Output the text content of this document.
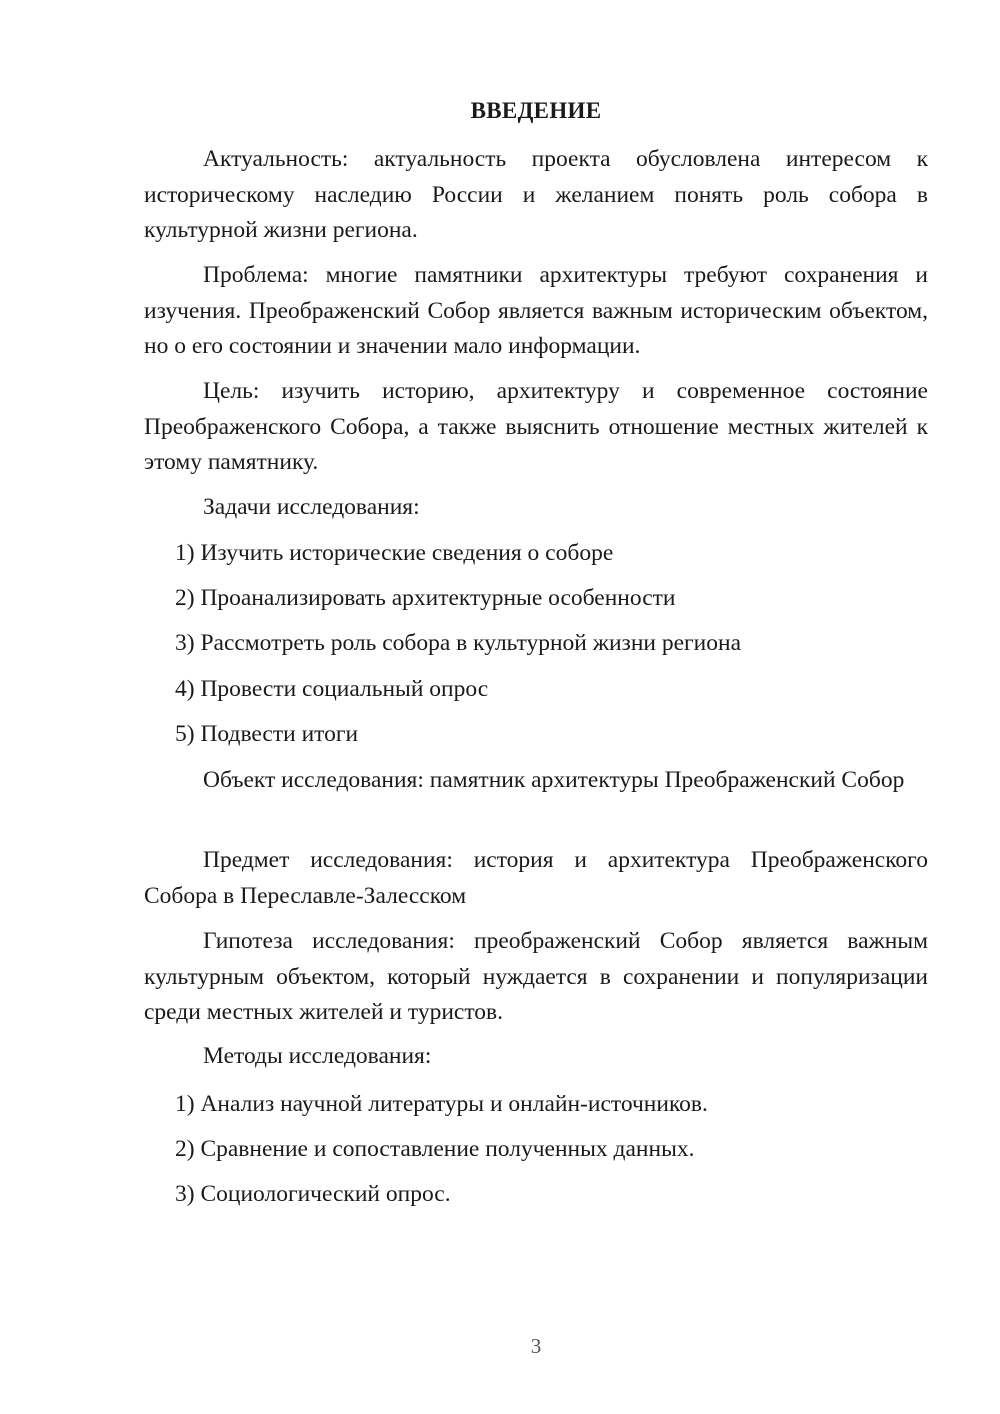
ВВЕДЕНИЕ

Актуальность: актуальность проекта обусловлена интересом к историческому наследию России и желанием понять роль собора в культурной жизни региона.

Проблема: многие памятники архитектуры требуют сохранения и изучения. Преображенский Собор является важным историческим объектом, но о его состоянии и значении мало информации.

Цель: изучить историю, архитектуру и современное состояние Преображенского Собора, а также выяснить отношение местных жителей к этому памятнику.

Задачи исследования:

1) Изучить исторические сведения о соборе

2) Проанализировать архитектурные особенности

3) Рассмотреть роль собора в культурной жизни региона

4) Провести социальный опрос

5) Подвести итоги

Объект исследования: памятник архитектуры Преображенский Собор

Предмет исследования: история и архитектура Преображенского Собора в Переславле-Залесском

Гипотеза исследования: преображенский Собор является важным культурным объектом, который нуждается в сохранении и популяризации среди местных жителей и туристов.

Методы исследования:

1) Анализ научной литературы и онлайн-источников.

2) Сравнение и сопоставление полученных данных.

3) Социологический опрос.

3
